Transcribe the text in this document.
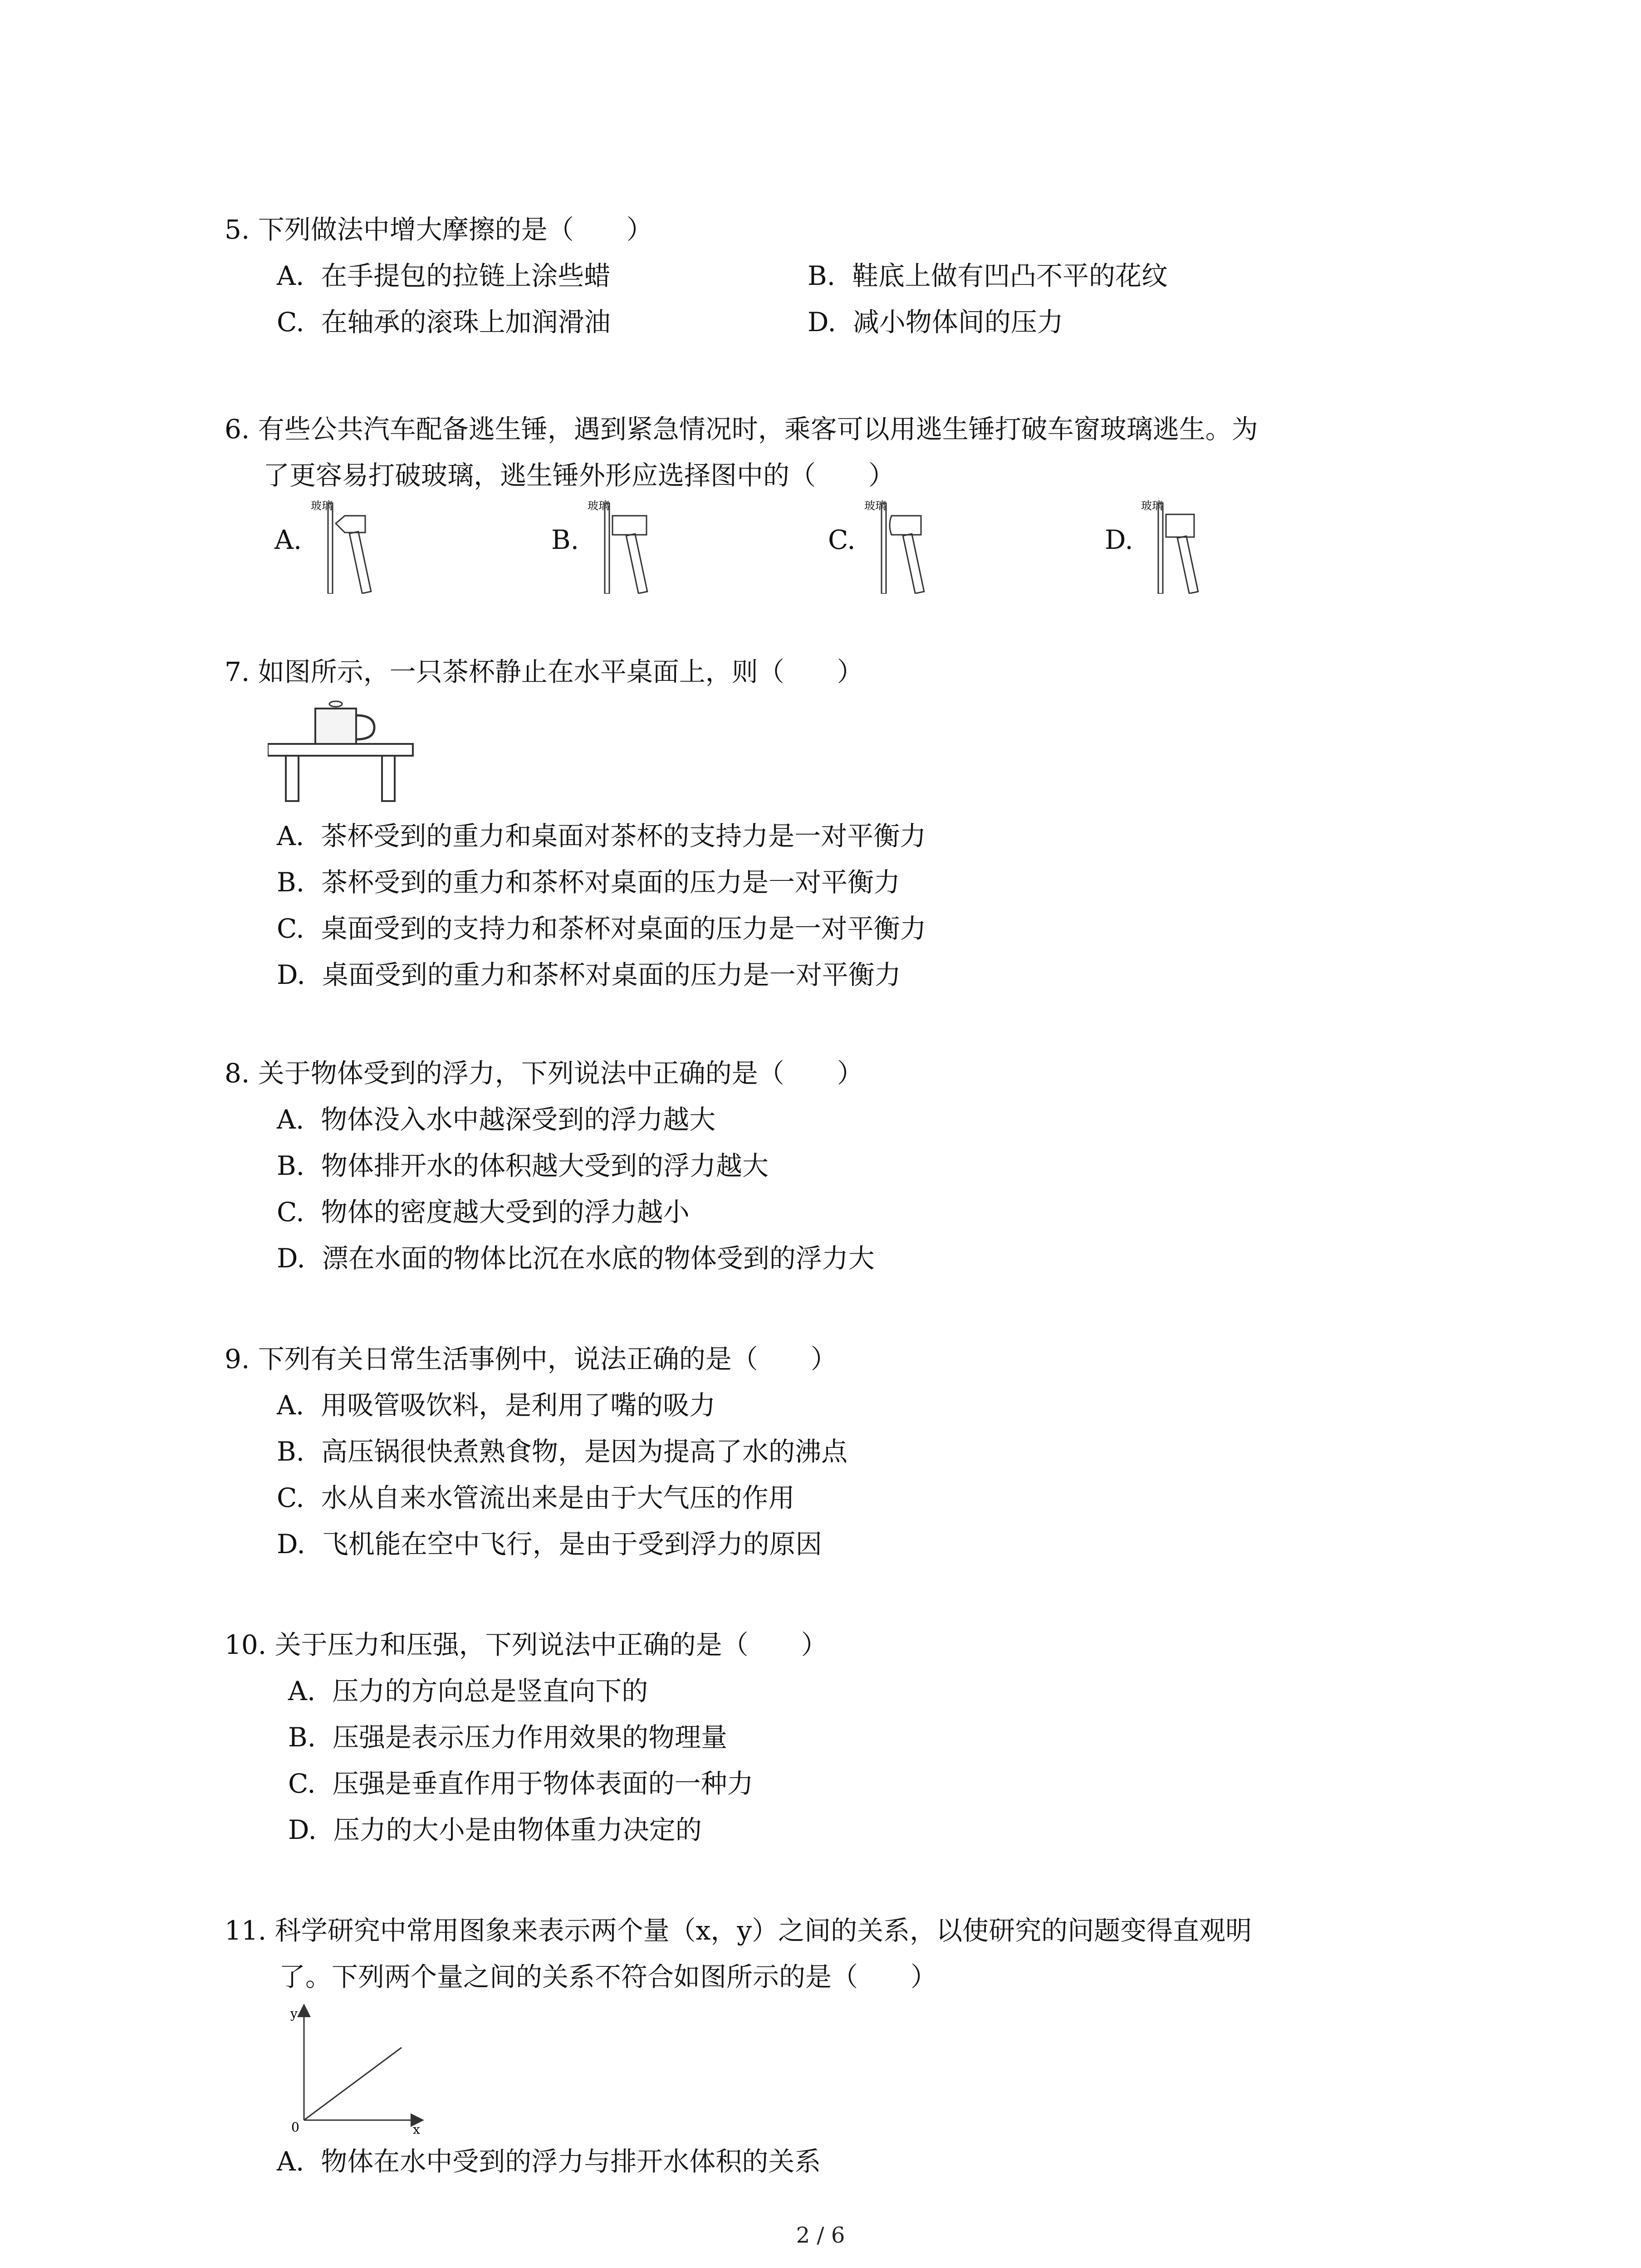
5. 下列做法中增大摩擦的是（　　）
A. 在手提包的拉链上涂些蜡	B. 鞋底上做有凹凸不平的花纹
C. 在轴承的滚珠上加润滑油	D. 减小物体间的压力
6. 有些公共汽车配备逃生锤，遇到紧急情况时，乘客可以用逃生锤打破车窗玻璃逃生。为
了更容易打破玻璃，逃生锤外形应选择图中的（　　）
A.
玻璃
B.
玻璃
C.
玻璃
D.
玻璃
7. 如图所示，一只茶杯静止在水平桌面上，则（　　）
A. 茶杯受到的重力和桌面对茶杯的支持力是一对平衡力
B. 茶杯受到的重力和茶杯对桌面的压力是一对平衡力
C. 桌面受到的支持力和茶杯对桌面的压力是一对平衡力
D. 桌面受到的重力和茶杯对桌面的压力是一对平衡力
8. 关于物体受到的浮力，下列说法中正确的是（　　）
A. 物体没入水中越深受到的浮力越大
B. 物体排开水的体积越大受到的浮力越大
C. 物体的密度越大受到的浮力越小
D. 漂在水面的物体比沉在水底的物体受到的浮力大
9. 下列有关日常生活事例中，说法正确的是（　　）
A. 用吸管吸饮料，是利用了嘴的吸力
B. 高压锅很快煮熟食物，是因为提高了水的沸点
C. 水从自来水管流出来是由于大气压的作用
D. 飞机能在空中飞行，是由于受到浮力的原因
10. 关于压力和压强，下列说法中正确的是（　　）
A. 压力的方向总是竖直向下的
B. 压强是表示压力作用效果的物理量
C. 压强是垂直作用于物体表面的一种力
D. 压力的大小是由物体重力决定的
11. 科学研究中常用图象来表示两个量（x，y）之间的关系，以使研究的问题变得直观明
了。下列两个量之间的关系不符合如图所示的是（　　）
y
0	x
A. 物体在水中受到的浮力与排开水体积的关系
2 / 6
